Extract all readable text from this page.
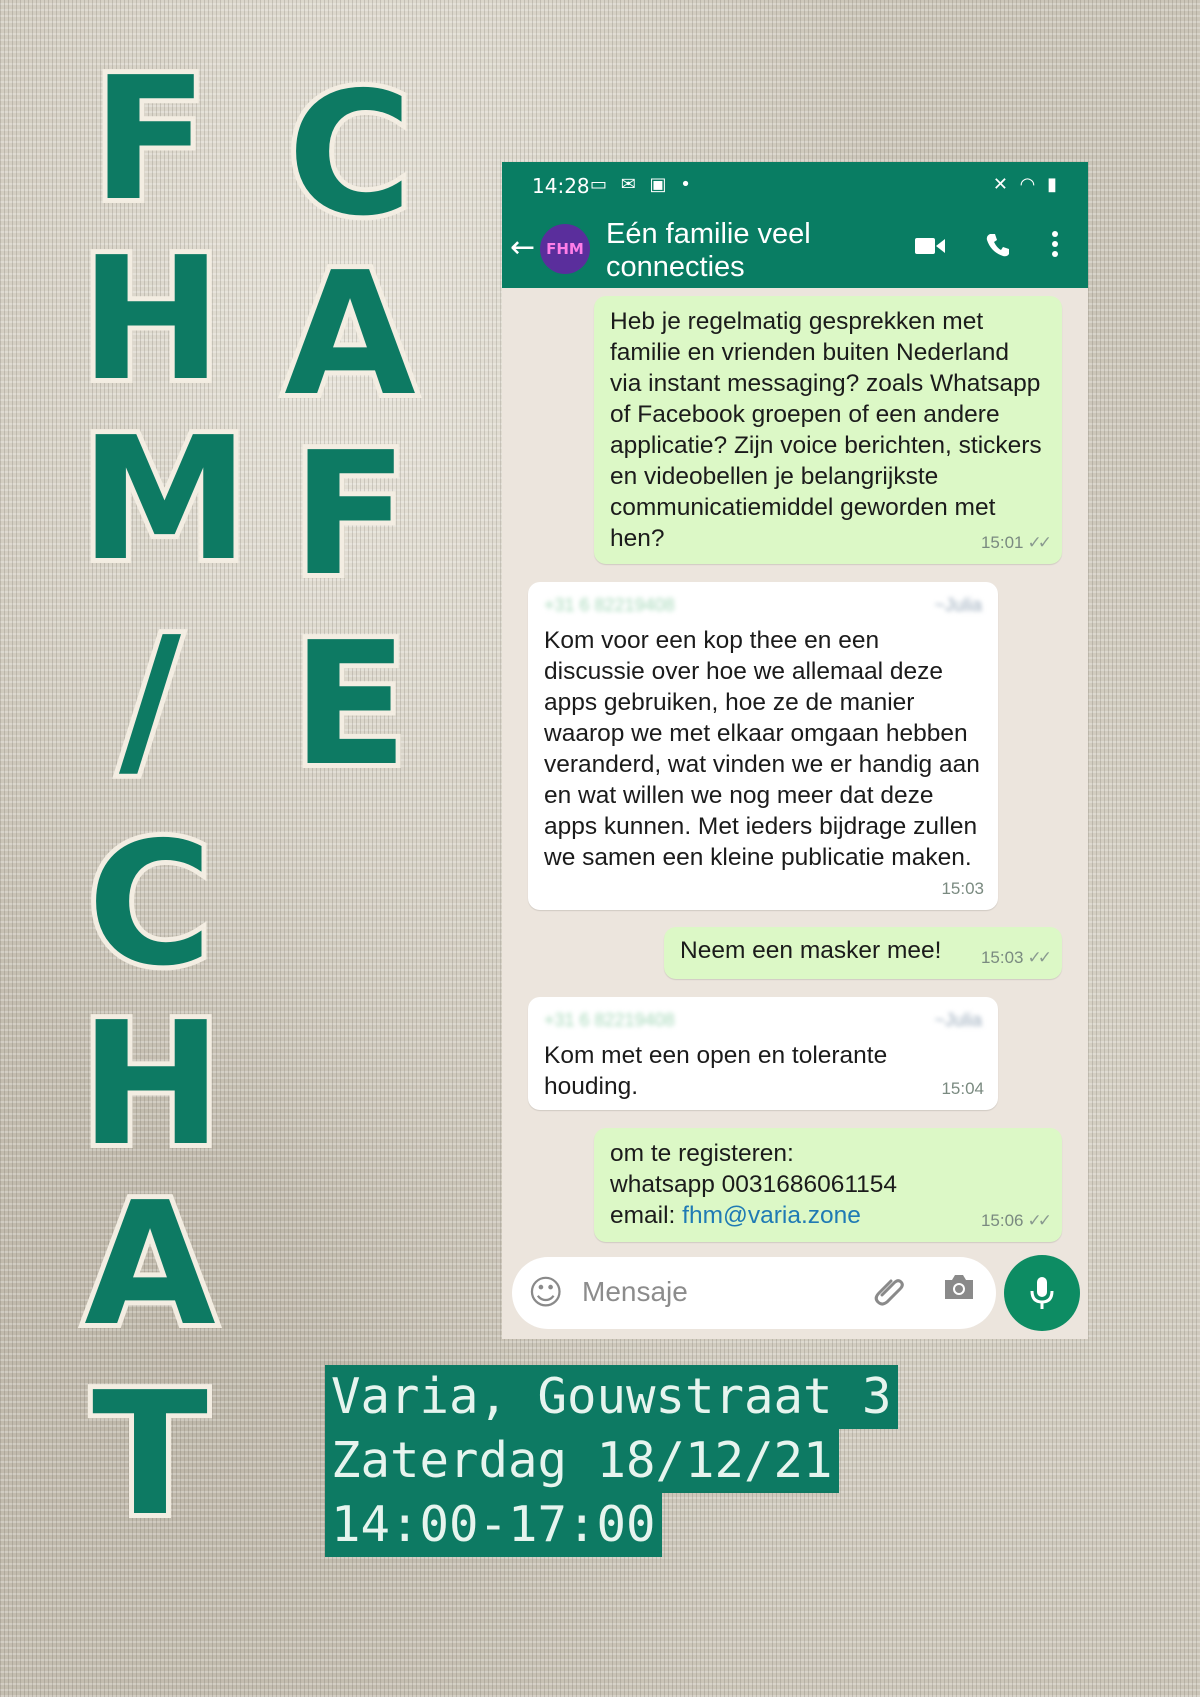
F
H
M
/
C
H
A
T
C
A
F
E
14:28 ▭ ✉ ▣ •	✕ ◠ ▮
← FHM Eén familie veel connecties
Heb je regelmatig gesprekken met familie en vrienden buiten Nederland via instant messaging? zoals Whatsapp of Facebook groepen of een andere applicatie? Zijn voice berichten, stickers en videobellen je belangrijkste communicatiemiddel geworden met hen?	15:01 ✓✓
+31 6 82219408	~Julia
Kom voor een kop thee en een discussie over hoe we allemaal deze apps gebruiken, hoe ze de manier waarop we met elkaar omgaan hebben veranderd, wat vinden we er handig aan en wat willen we nog meer dat deze apps kunnen. Met ieders bijdrage zullen we samen een kleine publicatie maken.
15:03
Neem een masker mee! 15:03 ✓✓
+31 6 82219408	~Julia
Kom met een open en tolerante houding.	15:04
om te registeren:
whatsapp 0031686061154
email: fhm@varia.zone	15:06 ✓✓
☺ Mensaje
Varia, Gouwstraat 3
Zaterdag 18/12/21
14:00-17:00
